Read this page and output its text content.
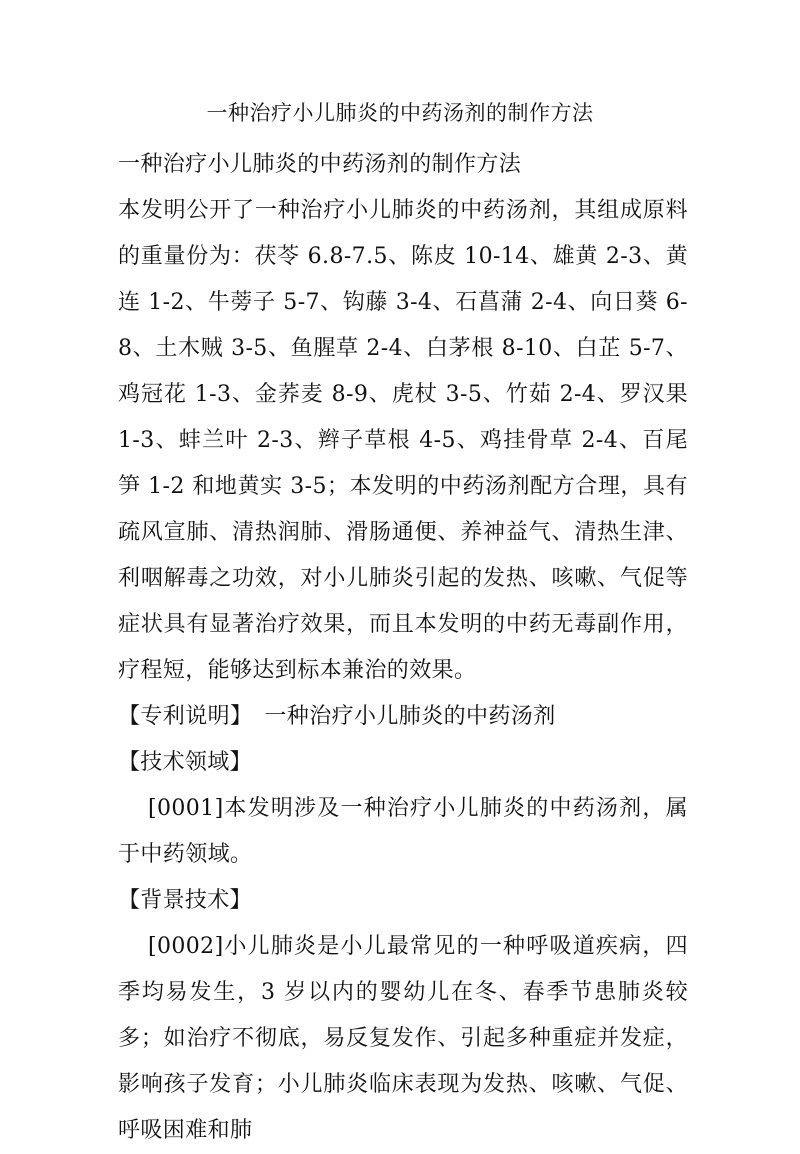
一种治疗小儿肺炎的中药汤剂的制作方法

一种治疗小儿肺炎的中药汤剂的制作方法

本发明公开了一种治疗小儿肺炎的中药汤剂，其组成原料的重量份为：茯苓 6.8-7.5、陈皮 10-14、雄黄 2-3、黄连 1-2、牛蒡子 5-7、钩藤 3-4、石菖蒲 2-4、向日葵 6-8、土木贼 3-5、鱼腥草 2-4、白茅根 8-10、白芷 5-7、鸡冠花 1-3、金荞麦 8-9、虎杖 3-5、竹茹 2-4、罗汉果 1-3、蚌兰叶 2-3、辫子草根 4-5、鸡挂骨草 2-4、百尾笋 1-2 和地黄实 3-5；本发明的中药汤剂配方合理，具有疏风宣肺、清热润肺、滑肠通便、养神益气、清热生津、利咽解毒之功效，对小儿肺炎引起的发热、咳嗽、气促等症状具有显著治疗效果，而且本发明的中药无毒副作用，疗程短，能够达到标本兼治的效果。

【专利说明】 一种治疗小儿肺炎的中药汤剂

【技术领域】

[0001]本发明涉及一种治疗小儿肺炎的中药汤剂，属于中药领域。

【背景技术】

[0002]小儿肺炎是小儿最常见的一种呼吸道疾病，四季均易发生，3 岁以内的婴幼儿在冬、春季节患肺炎较多；如治疗不彻底，易反复发作、引起多种重症并发症，影响孩子发育；小儿肺炎临床表现为发热、咳嗽、气促、呼吸困难和肺
